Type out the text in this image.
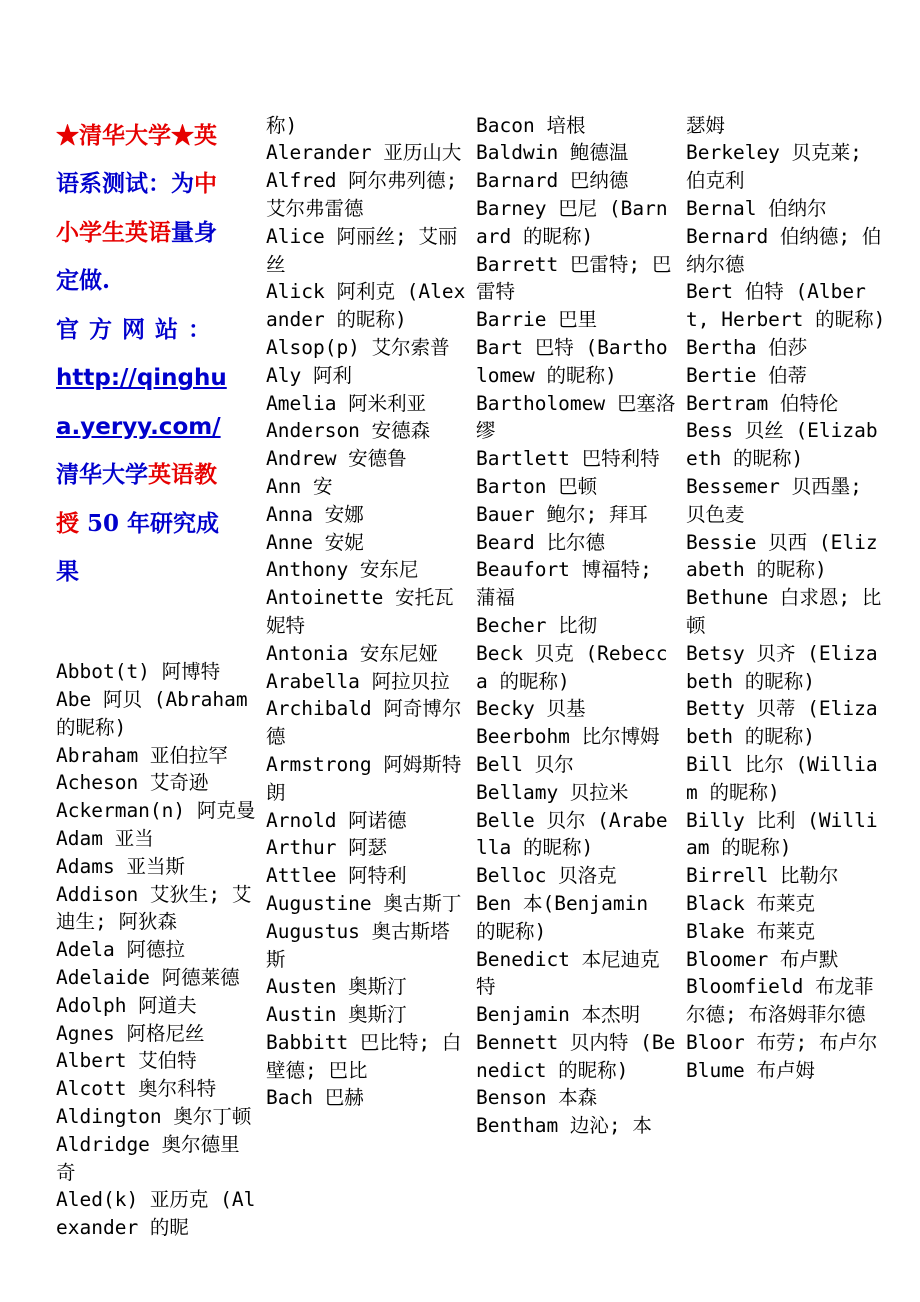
★清华大学★英语系测试：为中小学生英语量身定做.
官方网站：
http://qinghua.yeryy.com/
清华大学英语教授 50 年研究成果

Abbot(t) 阿博特
Abe 阿贝 (Abraham 的昵称)
Abraham 亚伯拉罕
Acheson 艾奇逊
Ackerman(n) 阿克曼
Adam 亚当
Adams 亚当斯
Addison 艾狄生; 艾迪生; 阿狄森
Adela 阿德拉
Adelaide 阿德莱德
Adolph 阿道夫
Agnes 阿格尼丝
Albert 艾伯特
Alcott 奥尔科特
Aldington 奥尔丁顿
Aldridge 奥尔德里奇
Aled(k) 亚历克 (Alexander 的昵

称)
Alerander 亚历山大
Alfred 阿尔弗列德; 艾尔弗雷德
Alice 阿丽丝; 艾丽丝
Alick 阿利克 (Alexander 的昵称)
Alsop(p) 艾尔索普
Aly 阿利
Amelia 阿米利亚
Anderson 安德森
Andrew 安德鲁
Ann 安
Anna 安娜
Anne 安妮
Anthony 安东尼
Antoinette 安托瓦妮特
Antonia 安东尼娅
Arabella 阿拉贝拉
Archibald 阿奇博尔德
Armstrong 阿姆斯特朗
Arnold 阿诺德
Arthur 阿瑟
Attlee 阿特利
Augustine 奥古斯丁
Augustus 奥古斯塔斯
Austen 奥斯汀
Austin 奥斯汀
Babbitt 巴比特; 白壁德; 巴比
Bach 巴赫

Bacon 培根
Baldwin 鲍德温
Barnard 巴纳德
Barney 巴尼 (Barnard 的昵称)
Barrett 巴雷特; 巴雷特
Barrie 巴里
Bart 巴特 (Bartholomew 的昵称)
Bartholomew 巴塞洛缪
Bartlett 巴特利特
Barton 巴顿
Bauer 鲍尔; 拜耳
Beard 比尔德
Beaufort 博福特; 蒲福
Becher 比彻
Beck 贝克 (Rebecca 的昵称)
Becky 贝基
Beerbohm 比尔博姆
Bell 贝尔
Bellamy 贝拉米
Belle 贝尔 (Arabella 的昵称)
Belloc 贝洛克
Ben 本(Benjamin 的昵称)
Benedict 本尼迪克特
Benjamin 本杰明
Bennett 贝内特 (Benedict 的昵称)
Benson 本森
Bentham 边沁; 本

瑟姆
Berkeley 贝克莱; 伯克利
Bernal 伯纳尔
Bernard 伯纳德; 伯纳尔德
Bert 伯特 (Albert, Herbert 的昵称)
Bertha 伯莎
Bertie 伯蒂
Bertram 伯特伦
Bess 贝丝 (Elizabeth 的昵称)
Bessemer 贝西墨; 贝色麦
Bessie 贝西 (Elizabeth 的昵称)
Bethune 白求恩; 比顿
Betsy 贝齐 (Elizabeth 的昵称)
Betty 贝蒂 (Elizabeth 的昵称)
Bill 比尔 (William 的昵称)
Billy 比利 (William 的昵称)
Birrell 比勒尔
Black 布莱克
Blake 布莱克
Bloomer 布卢默
Bloomfield 布龙菲尔德; 布洛姆菲尔德
Bloor 布劳; 布卢尔
Blume 布卢姆
